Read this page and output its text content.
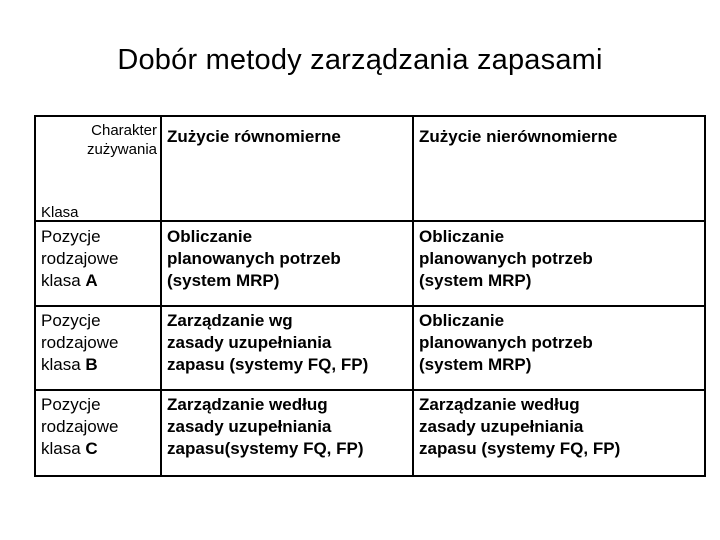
Dobór metody zarządzania zapasami
Charakter
zużywania
Klasa
Zużycie równomierne	Zużycie nierównomierne
Pozycje
rodzajowe
klasa A
Obliczanie
planowanych potrzeb
(system MRP)
Obliczanie
planowanych potrzeb
(system MRP)
Pozycje
rodzajowe
klasa B
Zarządzanie wg
zasady uzupełniania
zapasu (systemy FQ, FP)
Obliczanie
planowanych potrzeb
(system MRP)
Pozycje
rodzajowe
klasa C
Zarządzanie według
zasady uzupełniania
zapasu(systemy FQ, FP)
Zarządzanie według
zasady uzupełniania
zapasu (systemy FQ, FP)
